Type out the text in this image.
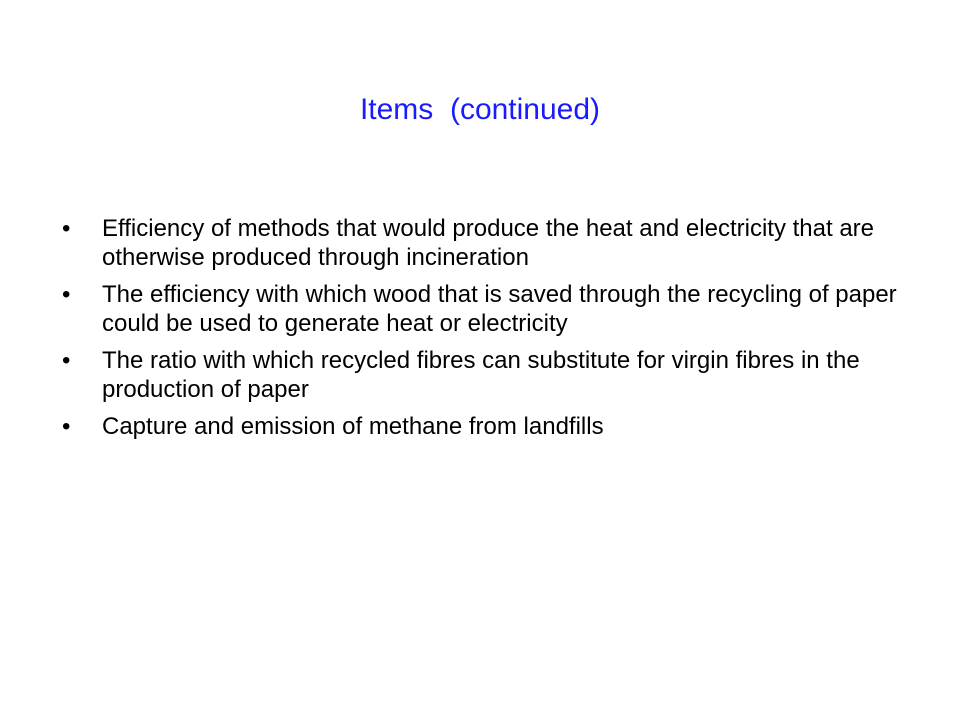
Items  (continued)
•	Efficiency of methods that would produce the heat and electricity that are otherwise produced through incineration
•	The efficiency with which wood that is saved through the recycling of paper could be used to generate heat or electricity
•	The ratio with which recycled fibres can substitute for virgin fibres in the production of paper
•	Capture and emission of methane from landfills
